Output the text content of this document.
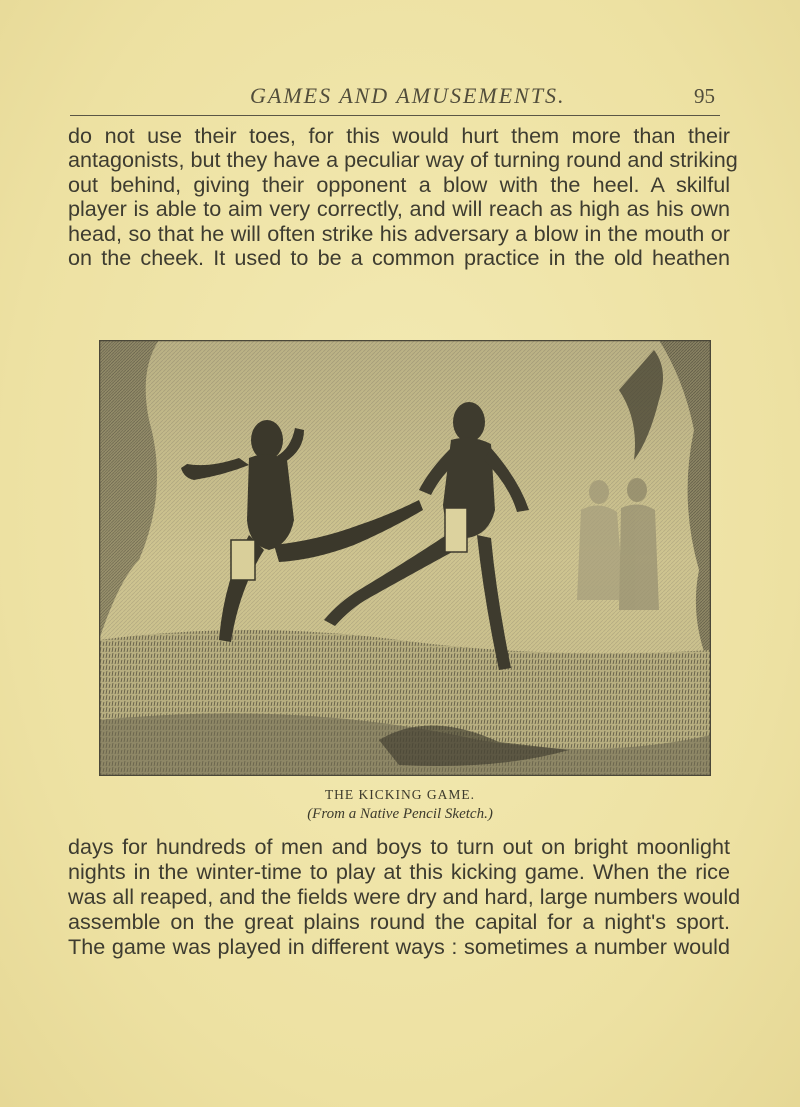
GAMES AND AMUSEMENTS.	95

do not use their toes, for this would hurt them more than their
antagonists, but they have a peculiar way of turning round and striking
out behind, giving their opponent a blow with the heel. A skilful
player is able to aim very correctly, and will reach as high as his own
head, so that he will often strike his adversary a blow in the mouth or
on the cheek. It used to be a common practice in the old heathen

THE KICKING GAME.
(From a Native Pencil Sketch.)

days for hundreds of men and boys to turn out on bright moonlight
nights in the winter-time to play at this kicking game. When the rice
was all reaped, and the fields were dry and hard, large numbers would
assemble on the great plains round the capital for a night's sport.
The game was played in different ways : sometimes a number would
